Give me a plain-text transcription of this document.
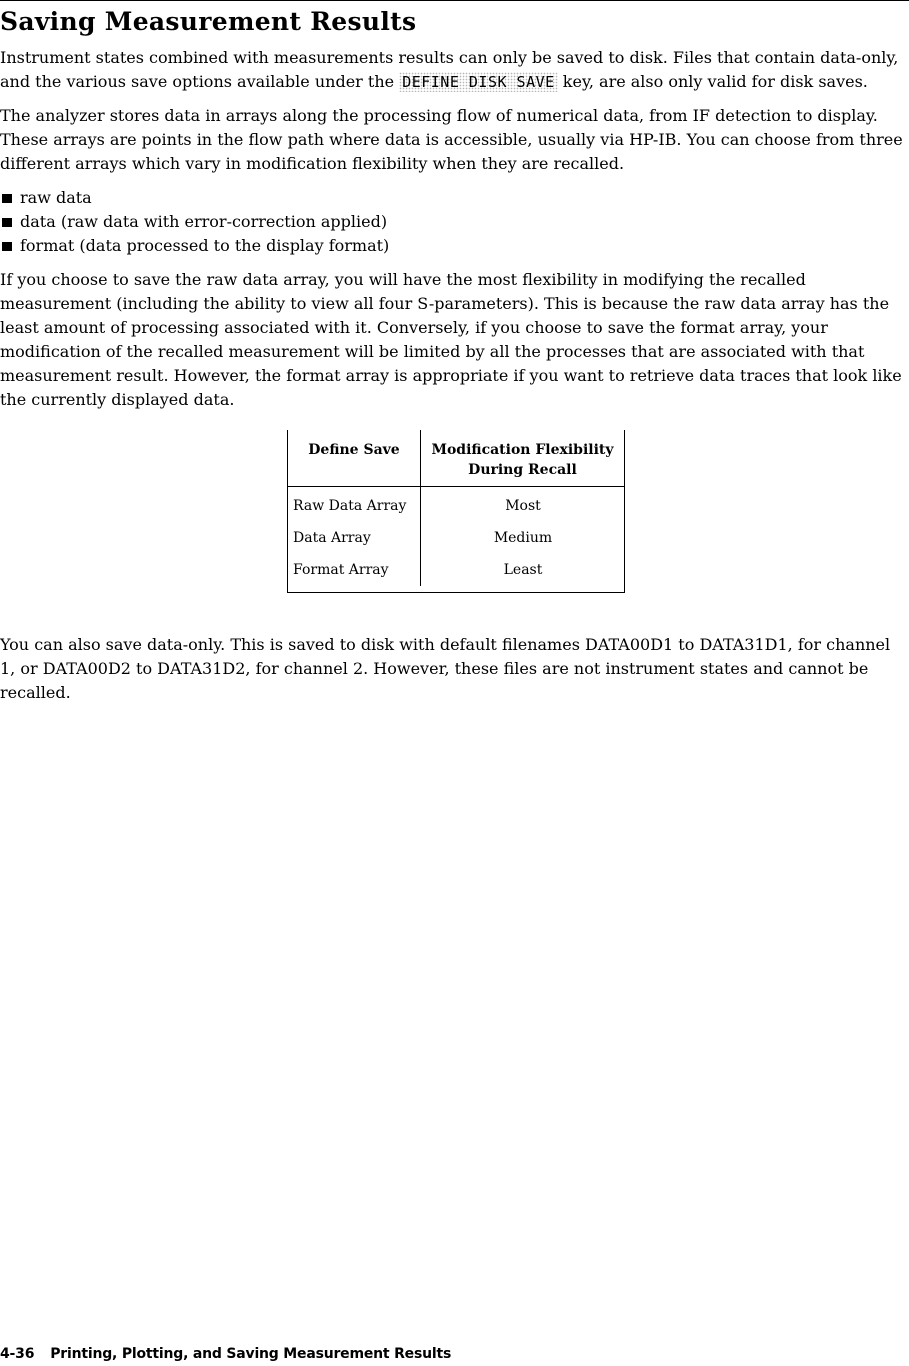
Saving Measurement Results

Instrument states combined with measurements results can only be saved to disk. Files that contain data-only, and the various save options available under the DEFINE DISK SAVE key, are also only valid for disk saves.

The analyzer stores data in arrays along the processing flow of numerical data, from IF detection to display. These arrays are points in the flow path where data is accessible, usually via HP-IB. You can choose from three different arrays which vary in modification flexibility when they are recalled.

raw data
data (raw data with error-correction applied)
format (data processed to the display format)

If you choose to save the raw data array, you will have the most flexibility in modifying the recalled measurement (including the ability to view all four S-parameters). This is because the raw data array has the least amount of processing associated with it. Conversely, if you choose to save the format array, your modification of the recalled measurement will be limited by all the processes that are associated with that measurement result. However, the format array is appropriate if you want to retrieve data traces that look like the currently displayed data.

Define Save	Modification Flexibility
During Recall
Raw Data Array	Most
Data Array	Medium
Format Array	Least

You can also save data-only. This is saved to disk with default filenames DATA00D1 to DATA31D1, for channel 1, or DATA00D2 to DATA31D2, for channel 2. However, these files are not instrument states and cannot be recalled.

4-36 Printing, Plotting, and Saving Measurement Results
